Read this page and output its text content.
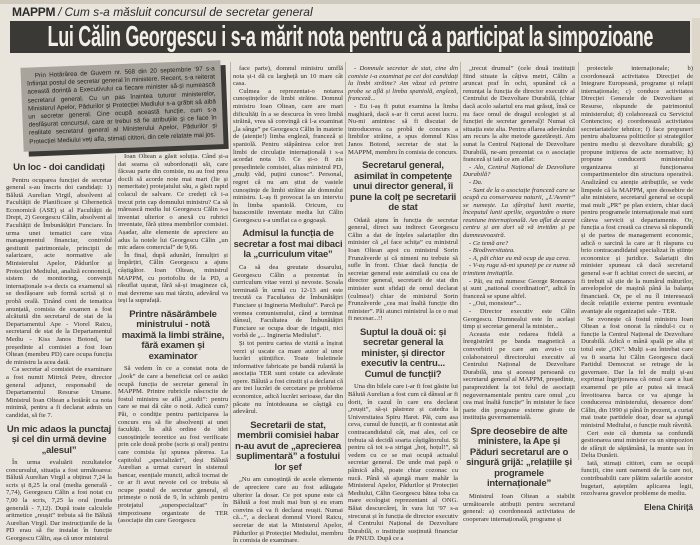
MAPPM / Cum s-a măsluit concursul de secretar general
Lui Călin Georgescu i s-a mărit nota pentru că a participat la simpozioane
Prin Hotărârea de Guvern nr. 568 din 20 septembrie '97 s-a înființat postul de secretar general în ministere. Recent, s-a reiterat această dorință a Executivului ca fiecare minister să-și numească secretarul general. Cu un pas înaintea tuturor ministerelor, Ministerul Apelor, Pădurilor și Protecției Mediului s-a grăbit să aibă un secretar general. Cine ocupă această funcție, cum s-a desfășurat concursul, care ar trebui să fie atribuțiile și ce face în realitate secretarul general al Ministerului Apelor, Pădurilor și Protecției Mediului veți afla, stimați cititori, din cele relatate mai jos.
Un loc - doi candidați

Pentru ocuparea funcției de secretar general s-au înscris doi candidați: 1) Bălută Aurelian Virgil, absolvent al Facultății de Planificare și Cibernetică Economică (ASE) și al Facultății de Drept, 2) Georgescu Călin, absolvent al Facultății de Îmbunătățiri Funciare. În urma unei tematici care viza managementul financiar, controlul gestiunii patrimoniale, principii de salarizare, acte normative ale Ministerului Apelor, Pădurilor și Protecției Mediului, analiză economică, sistem de monitoring, convenții internaționale s-a decis ca examenul să se desfășoare sub formă scrisă și o probă orală. Ținând cont de tematica anunțată, comisia de examen a fost alcătuită din secretarul de stat de la Departamentul Ape - Viorel Raicu, secretarul de stat de la Departamentul Mediu - Kiss Janos Botond, iar președinte al comisiei a fost Ioan Oltean (membru PD) care ocupa funcția de ministru la acea dată.

Ca secretar al comisiei de examinare a fost numit Mitrică Petre, director general adjunct, responsabil de Departamentul Resurse Umane. Ministrul Ioan Oltean a hotărât ca nota minimă, pentru a fi declarat admis un candidat, să fie 7.

Un mic adaos la punctaj și cel din urmă devine „alesul”

În urma evaluării rezultatelor concursului, situația a fost următoarea: Bălută Aurelian Virgil a obținut 7,24 la scris și 8,25 la oral (media generală - 7,74), Georgescu Călin a fost notat cu 7,00 la scris, 7,25 la oral (media generală - 7,12). După toate calculele aritmetice „reușit” trebuia să fie Bălută Aurelian Virgil. Dar instrucțiunile de la PD erau să fie instalat în funcție Georgescu Călin, așa că unor ministrul

Ioan Oltean a găsit soluția. Când și-a dat seama că subordonații săi, care făceau parte din comisie, nu au fost prea docili să acorde note mai mari (lie și nemeritate) protejatului său, a găsit rapid colacul de salvare. Ce credeți că i-a trecut prin cap domnului ministru? Ca să mărească media lui Georgescu Călin s-a inventat ulterior o anexă cu rubrici inventate, fără știrea membrilor comisiei. Așadar, alte elemente de apreciere au adus la notele lui Georgescu Călin „un mic adaos comercial” de 9,66.

În final, după adunări, înmulțiri și împărțiri, Călin Georgescu a ajuns câștigător. Ioan Oltean, ministrul MAPPM, cu portofoliu de la PD, a răsuflat ușurat, fără să-și imagineze că, mai devreme sau mai târziu, adevărul va ieși la suprafață.

Printre năsărâmbele ministrului - notă maximă la limbi străine, fără examen și examinator

Să vedem în ce a constat nota de „look” de care a beneficiat cel ce astăzi ocupă funcția de secretar general în MAPPM. Printre rubricile născocite de fostul ministru se află „studii”: pentru care se mai dă câte o notă. Adică cum? Păi, o condiție pentru participarea la concurs era să fie absolvenți ai unei facultăți. În altă ordine de idei cunoștințele teoretice au fost verificate prin cele două probe (scris și oral) pentru care comisia își spunea părerea. La capitolul „specializări”, deși Bălută Aurelian a urmat cursuri în sistemul bancar, esențiale muncii, adică tocmai de ce ar fi avut nevoie cel ce trebuia să ocupe postul de secretar general, el primește o notă de 9, în schimb pentru protejatul „superspecializat” în simpozioane organizate de TER (asociație din care Georgescu

face parte), domnul ministru umflă nota și-i dă cu largheță un 10 mare cât casa.

Culmea a reprezentat-o notarea cunoștințelor de limbi străine. Domnul ministru Ioan Oltean, care are mari dificultăți în a se descurca în vreo limbă străină, vrea să convingă că l-a examinat „la sânge” pe Georgescu Călin în materie de (atenție!) limba engleză, franceză și spaniolă. Pentru stăpânirea celor trei limbi de circulație internațională i s-a acordat nota 10. Ce și-o fi zis președintele comisiei, alias ministrul PD, „mulți văd, puțini cunosc”. Personal, regret că nu am știut de vastele cunoștințe de limbi străine ale domnului ministru. L-aș fi provocat la un interviu în limba spaniolă. Oricum, cu bazaconiile inventate media lui Călin Georgescu s-a umflat ca o gogoașă.

Admisul la funcția de secretar a fost mai dibaci la „curriculum vitae”

Ca să dea greutate dosarului, Georgescu Călin a prezentat în curriculum vitae verzi și nevoste. Școala terminată în urmă cu 12-13 ani este trecută ca Facultatea de Îmbunătățiri Funciare și Ingineria Mediului”. Parcă pe vremea comunismului, când a terminat dânsul, Facultatea de Îmbunătățiri Funciare se ocupa doar de irigații, nici vorbă de „... Ingineria Mediului”.

Și tot pentru cartea de vizită a înșirat verzi și uscate ca mare autor al unor lucrări științifice. Toate buletinele informative fabricate pe bandă rulantă la asociația TER sunt cotate ca adevărate opere. Bălută a fost cinstit și a declarat că are trei lucrări de cercetare pe probleme economice, adică lucrări serioase, dar din păcate nu întotdeauna se câștigă cu adevărul.

Secretarii de stat, membrii comisiei habar n-au avut de „aprecierea suplimentară” a fostului lor șef

„Nu am cunoștință de acele elemente de apreciere care au fost adăugate ulterior la dosar. Ce pot spune este că Bălută a fost mult mai bun și eu eram convins că va fi declarat reușit. Numai că...”, a declarat domnul Viorel Raicu, secretar de stat la Ministerul Apelor, Pădurilor și Protecției Mediului, membru în comisia de examinare.

- Domnule secretar de stat, cine din comisie i-a examinat pe cei doi candidați la limbi străine? Am văzut că printre probe se află și limba spaniolă, engleză, franceză...

- Eu i-aș fi putut examina la limba maghiară, dacă s-ar fi cerut acest lucru. Nu-mi amintesc să fi discutat de introducerea ca probă de concurs a limbilor străine, a spus domnul Kiss Janos Botond, secretar de stat la MAPPM, membru în comisia de concurs.

Secretarul general, asimilat în competențe unui director general, îi pune la colț pe secretarii de stat

Odată ajuns în funcția de secretar general, direct sau indirect Georgescu Călin a dat de înțeles salariaților din minister că „el face schița” cu ministrul Ioan Oltean apoi cu ministrul Sorin Frunzăverde și că nimeni nu trebuie să sufle în front. Chiar dacă funcția de secretar general este asimilată cu cea de director general, secretarii de stat din minister sunt sfidați de omul declarat (culmea!) chiar de ministrul Sorin Frunzăverde „cea mai înaltă funcție din minister”. Păi atunci ministrul la ce o mai fi necesar...!!

Suptul la două oi: și secretar general la minister, și director executiv la centru... Cumul de funcții?

Una din bilele care i-ar fi fost găsite lui Bălută Aurelian a fost cum că dânsul ar fi dorit, în cazul în care era declarat „reușit”, să-și păstreze și catedra la Universitatea Spiru Haret. Păi, cum asa ceva, cumul de funcții, ar fi contestat atât contracandidatul cât, mai ales, cel ce trebuia să decidă soarta câștigătorului. Și pentru că tot s-a strigat „hoț, hoțul!”, să vedem cu ce se mai ocupă actualul secretar general. De unde mai papă o pâinică albă, poate chiar cozonac cu nucă. Până să ajungă mare mahăr la Ministerul Apelor, Pădurilor și Protecției Mediului, Călin Georgescu bătea toba ca mare ecologist reprezentant al ONG. Băiat descurcăreț, în vara lui '97 s-a strecurat și în funcția de director executiv al Centrului Național de Dezvoltare Durabilă, o instituție susținută financiar de PNUD. După ce a

„trecut drumul” (cele două instituții fiind situate la câțiva metri, Călin a aruncat praf în ochi, spunând că a renunțat la funcția de director executiv al Centrului de Dezvoltare Durabilă, (chiar dacă acolo salariul era mai grăsuț, însă ce nu face omul de dragul ecologiei și al funcției de secretar general)! Numai că situația este alta. Pentru aflarea adevărului am recurs la alte metode gazetărești. Am sunat la Centrul Național de Dezvoltare Durabilă, ne-am prezentat ca o asociație franceză și iată ce am aflat:

- Alo, Centrul Național de Dezvoltare Durabilă?

- Da.

- Sunt de la o asociație franceză care se ocupă cu conservarea naturii, „L'Avenir” se numește. La sfârșitul lunii martie, începutul lunii aprilie, organizăm o mare reuniune internațională. Am aflat de acest centru și am dori să vă invităm și pe dumneavoastră.

- Ce temă are?

- Biodiversitatea.

- A, păi chiar eu mă ocup de așa ceva.

- V-aș ruga să-mi spuneți pe ce nume să trimitem invitațiile.

- Păi, eu mă numesc George Romanca și sunt „national coordination”, adică în franceză se spune altfel.

- „Oui, monsieur”...

- Director executiv este Călin Georgescu. Dumnealui este în același timp și secretar general la minister...

Aceasta este redarea fidelă a înregistrării pe banda magnetică a convorbirii pe care am avut-o cu colaboratorul directorului executiv al Centrului Național de Dezvoltare Durabilă, una și aceeași persoană cu secretarul general al MAPPM, președinte, paraprezident la tot felul de asociații neguvernamentale pentru care omul „cu cea mai înaltă funcție” în minister le face parte din programe externe girate de instituția guvernamentală.

Spre deosebire de alte ministere, la Ape și Păduri secretarul are o singură grijă: „relațiile și programele internaționale”

Ministrul Ioan Oltean a stabilit următoarele atribuții pentru secretarul general: a) coordonează activitatea de cooperare internațională, programe și

proiectele internaționale; b) coordonează activitatea Direcției de Integrare Europeană, programe și relații internaționale; c) conduce activitatea Direcției Generale de Dezvoltare și Resurse, răspunde de patrimoniul ministerului; d) colaborează cu Serviciul Contencios; e) coordonează activitatea secretariatelor tehnice; f) face propuneri pentru abalizarea politicilor și strategiilor pentru mediu și dezvoltare durabilă; g) propune inițierea de acte normative; h) propune conducerii ministerului organizarea și funcționarea compartimentelor din structura operativă. Analizând cu atenție atribuțiile, se vede limpede că la MAPPM, spre deosebire de alte ministere, secretarul general se ocupă mai mult „PR” pe plan extern, chiar dacă pentru programele internaționale mai sunt câteva servicii și departamente. Or, funcția a fost creată ca cineva să răspundă și de partea de management economic, adică o sarcină la care ar fi răspuns cu brio contracandidatul specializat în științe economice și juridice. Salariații din minister spuneau că dacă secretarul general s-ar fi achitat corect de sarcini, ar fi trebuit să știe de la numărul măturilor, anvelopelor de mașină până la balanța financiară. Or, pe el nu îl interesează decât relațiile externe pentru eventuale avantaje ale organizației sale - TER.

Se zvonește că fostul ministru Ioan Oltean a fost onorat la rândul-i cu o funcție la Centrul Național de Dezvoltare Durabilă. Adică o mână spală pe alta și totul este „OK”. Mulți s-au întrebat care va fi soarta lui Călin Georgescu dacă Partidul Democrat se retrage de la guvernare. Dar la fel de mulți și-au exprimat îngrijorarea că omul care a luat examenul pe pile ar putea să treacă învoitoarea barca ce va ajunge la conducerea ministerului, deoarece dom' Călin, din 1990 și până în prezent, a curtat mai toate partidele doar, doar sa ajungă ministrul Mediului, o funcție mult râvnită.

Cert este că dumnia sa confundă gestionarea unui minister cu un simpozion de sfârșit de săptămână, la munte sau în Delta Dunării.

Iată, stimați cititori, cum se ocupă funcții, cine sunt oamenii de la care noi, contribuabilii care plătim salariile acestor bugetari, așteptăm aplicarea legii, rezolvarea gravelor probleme de mediu.

Elena Chiriță
